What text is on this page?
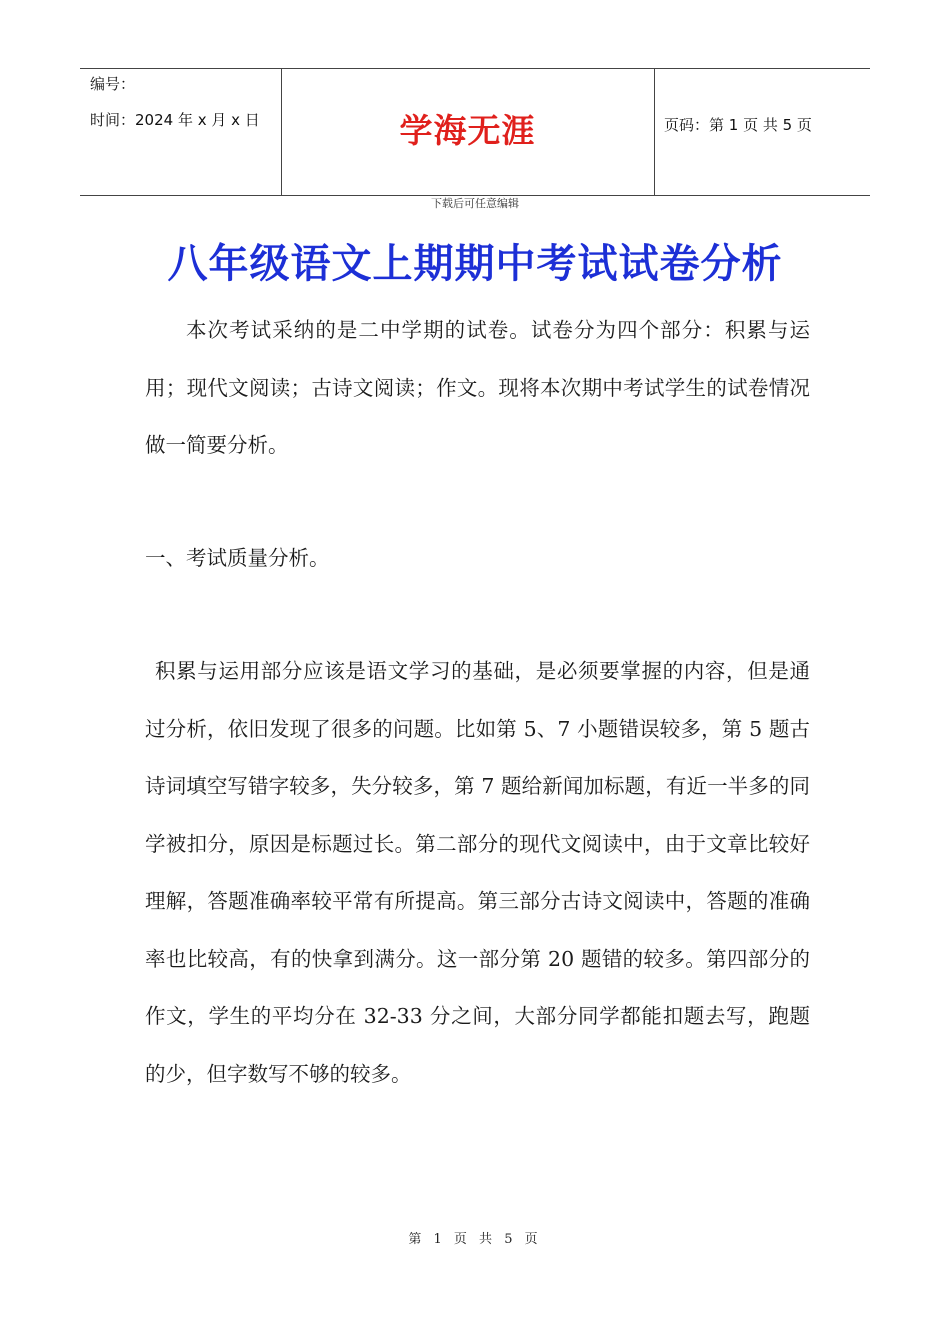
编号：
时间：2024 年 x 月 x 日	学海无涯	页码：第 1 页 共 5 页
下载后可任意编辑
八年级语文上期期中考试试卷分析

本次考试采纳的是二中学期的试卷。试卷分为四个部分：积累与运用；现代文阅读；古诗文阅读；作文。现将本次期中考试学生的试卷情况做一简要分析。

一、考试质量分析。

积累与运用部分应该是语文学习的基础，是必须要掌握的内容，但是通过分析，依旧发现了很多的问题。比如第 5、7 小题错误较多，第 5 题古诗词填空写错字较多，失分较多，第 7 题给新闻加标题，有近一半多的同学被扣分，原因是标题过长。第二部分的现代文阅读中，由于文章比较好理解，答题准确率较平常有所提高。第三部分古诗文阅读中，答题的准确率也比较高，有的快拿到满分。这一部分第 20 题错的较多。第四部分的作文，学生的平均分在 32-33 分之间，大部分同学都能扣题去写，跑题的少，但字数写不够的较多。

第 1 页 共 5 页
